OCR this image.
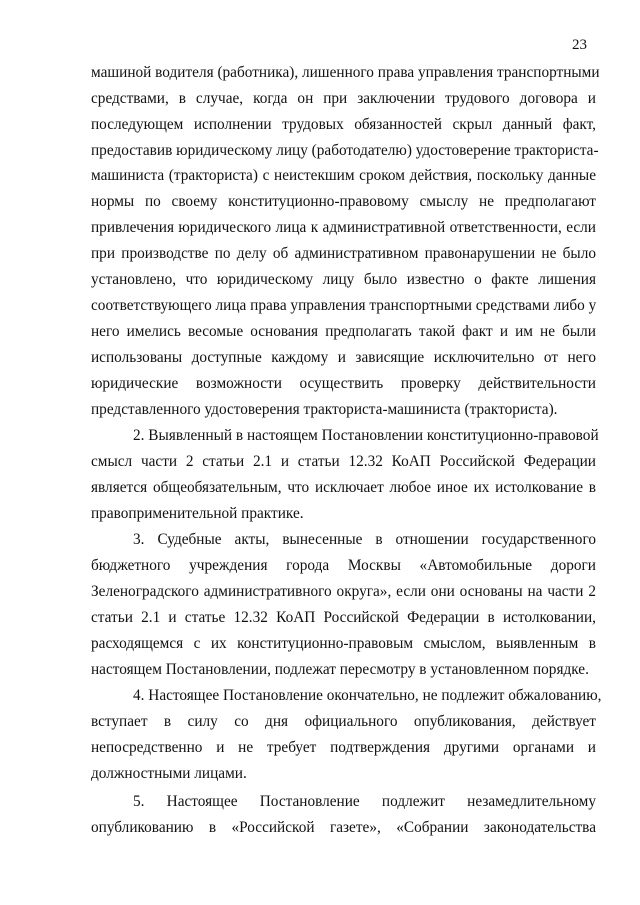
23
машиной водителя (работника), лишенного права управления транспортными
средствами, в случае, когда он при заключении трудового договора и
последующем исполнении трудовых обязанностей скрыл данный факт,
предоставив юридическому лицу (работодателю) удостоверение тракториста-
машиниста (тракториста) с неистекшим сроком действия, поскольку данные
нормы по своему конституционно-правовому смыслу не предполагают
привлечения юридического лица к административной ответственности, если
при производстве по делу об административном правонарушении не было
установлено, что юридическому лицу было известно о факте лишения
соответствующего лица права управления транспортными средствами либо у
него имелись весомые основания предполагать такой факт и им не были
использованы доступные каждому и зависящие исключительно от него
юридические возможности осуществить проверку действительности
представленного удостоверения тракториста-машиниста (тракториста).
2. Выявленный в настоящем Постановлении конституционно-правовой
смысл части 2 статьи 2.1 и статьи 12.32 КоАП Российской Федерации
является общеобязательным, что исключает любое иное их истолкование в
правоприменительной практике.
3. Судебные акты, вынесенные в отношении государственного
бюджетного учреждения города Москвы «Автомобильные дороги
Зеленоградского административного округа», если они основаны на части 2
статьи 2.1 и статье 12.32 КоАП Российской Федерации в истолковании,
расходящемся с их конституционно-правовым смыслом, выявленным в
настоящем Постановлении, подлежат пересмотру в установленном порядке.
4. Настоящее Постановление окончательно, не подлежит обжалованию,
вступает в силу со дня официального опубликования, действует
непосредственно и не требует подтверждения другими органами и
должностными лицами.
5. Настоящее Постановление подлежит незамедлительному
опубликованию в «Российской газете», «Собрании законодательства
